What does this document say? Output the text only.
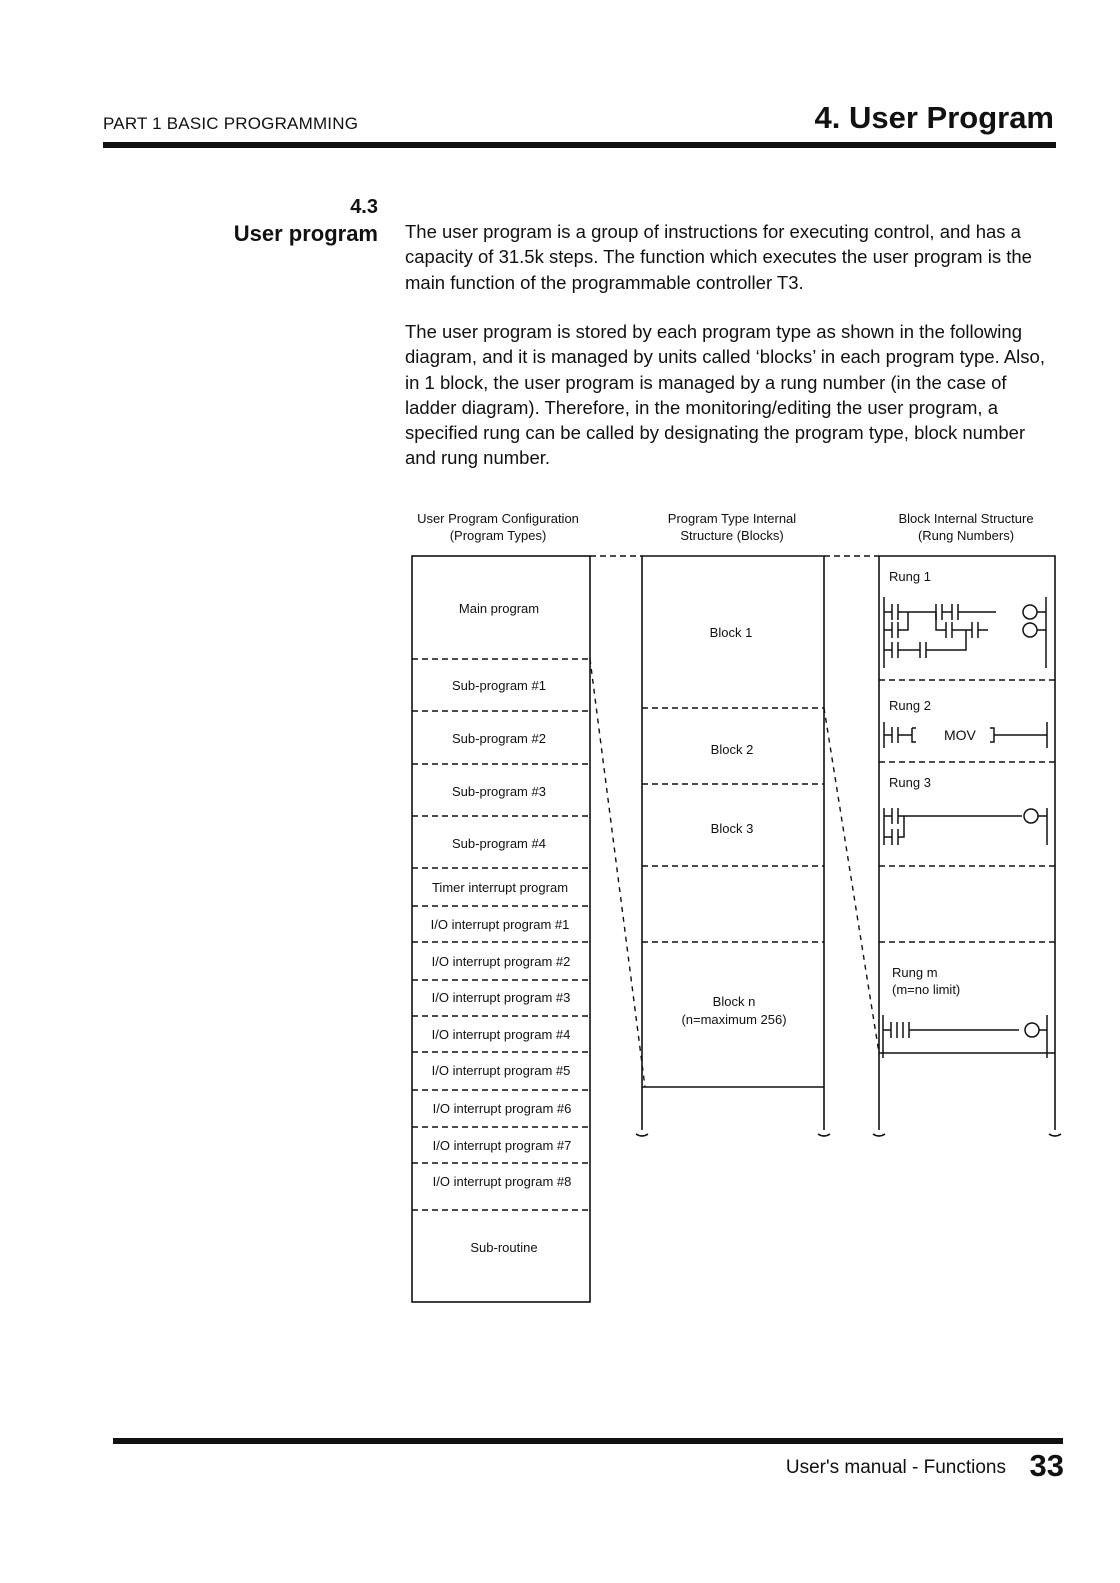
PART 1 BASIC PROGRAMMING	4. User Program
4.3
User program The user program is a group of instructions for executing control, and has a capacity of 31.5k steps. The function which executes the user program is the main function of the programmable controller T3.
The user program is stored by each program type as shown in the following diagram, and it is managed by units called ‘blocks’ in each program type. Also, in 1 block, the user program is managed by a rung number (in the case of ladder diagram). Therefore, in the monitoring/editing the user program, a specified rung can be called by designating the program type, block number and rung number.
User Program Configuration
(Program Types)
Program Type Internal
Structure (Blocks)
Block Internal Structure
(Rung Numbers)
Main program
Sub-program #1
Sub-program #2
Sub-program #3
Sub-program #4
Timer interrupt program
I/O interrupt program #1
I/O interrupt program #2
I/O interrupt program #3
I/O interrupt program #4
I/O interrupt program #5
I/O interrupt program #6
I/O interrupt program #7
I/O interrupt program #8
Sub-routine
Block 1
Block 2
Block 3
Block n
(n=maximum 256)
Rung 1
Rung 2
Rung 3
Rung m
(m=no limit)
MOV
User's manual - Functions 33
